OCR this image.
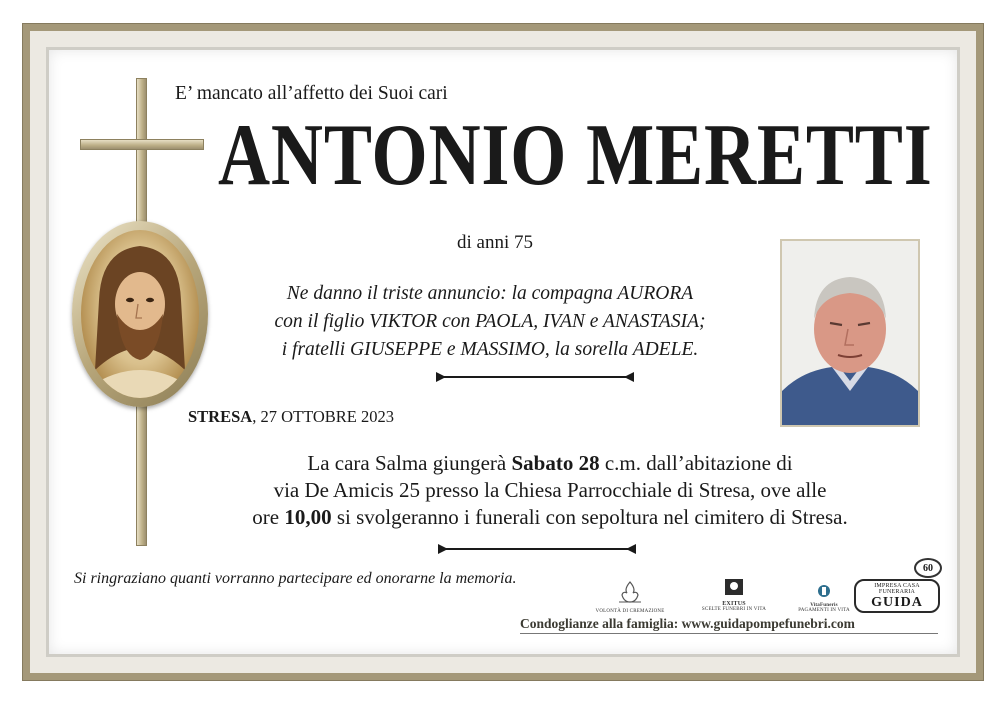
E’ mancato all’affetto dei Suoi cari
ANTONIO MERETTI
di anni 75
Ne danno il triste annuncio: la compagna AURORA
con il figlio VIKTOR con PAOLA, IVAN e ANASTASIA;
i fratelli GIUSEPPE e MASSIMO, la sorella ADELE.
STRESA, 27 OTTOBRE 2023
La cara Salma giungerà Sabato 28 c.m. dall’abitazione di
via De Amicis 25 presso la Chiesa Parrocchiale di Stresa, ove alle
ore 10,00 si svolgeranno i funerali con sepoltura nel cimitero di Stresa.
Si ringraziano quanti vorranno partecipare ed onorarne la memoria.
VOLONTÀ DI CREMAZIONE
EXITUS
SCELTE FUNEBRI IN VITA
VitaFuneris
PAGAMENTI IN VITA
60
IMPRESA CASA FUNERARIA
GUIDA
Condoglianze alla famiglia: www.guidapompefunebri.com
